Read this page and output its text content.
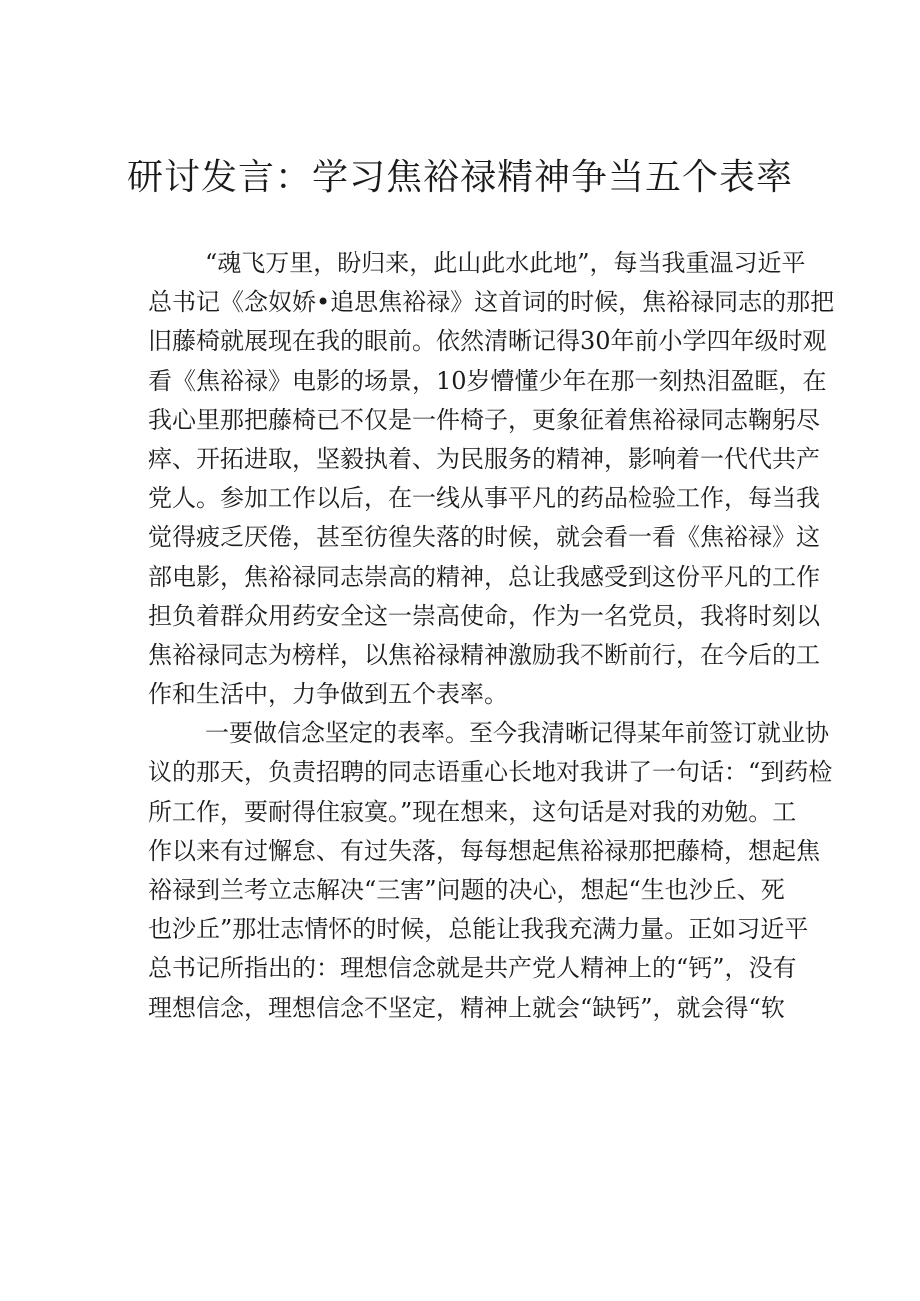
研讨发言：学习焦裕禄精神争当五个表率
“魂飞万里，盼归来，此山此水此地”，每当我重温习近平
总书记《念奴娇•追思焦裕禄》这首词的时候，焦裕禄同志的那把
旧藤椅就展现在我的眼前。依然清晰记得30年前小学四年级时观
看《焦裕禄》电影的场景，10岁懵懂少年在那一刻热泪盈眶，在
我心里那把藤椅已不仅是一件椅子，更象征着焦裕禄同志鞠躬尽
瘁、开拓进取，坚毅执着、为民服务的精神，影响着一代代共产
党人。参加工作以后，在一线从事平凡的药品检验工作，每当我
觉得疲乏厌倦，甚至彷徨失落的时候，就会看一看《焦裕禄》这
部电影，焦裕禄同志崇高的精神，总让我感受到这份平凡的工作
担负着群众用药安全这一崇高使命，作为一名党员，我将时刻以
焦裕禄同志为榜样，以焦裕禄精神激励我不断前行，在今后的工
作和生活中，力争做到五个表率。
一要做信念坚定的表率。至今我清晰记得某年前签订就业协
议的那天，负责招聘的同志语重心长地对我讲了一句话：“到药检
所工作，要耐得住寂寞。”现在想来，这句话是对我的劝勉。工
作以来有过懈怠、有过失落，每每想起焦裕禄那把藤椅，想起焦
裕禄到兰考立志解决“三害”问题的决心，想起“生也沙丘、死
也沙丘”那壮志情怀的时候，总能让我我充满力量。正如习近平
总书记所指出的：理想信念就是共产党人精神上的“钙”，没有
理想信念，理想信念不坚定，精神上就会“缺钙”，就会得“软
